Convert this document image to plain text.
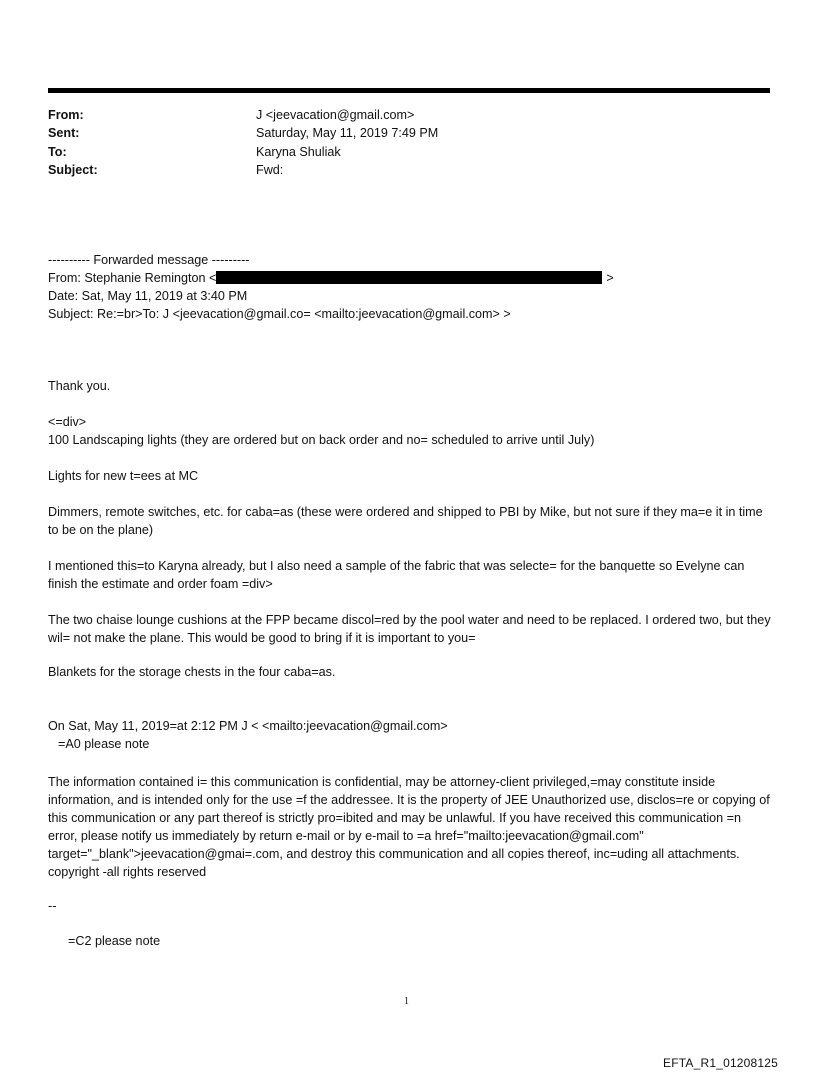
From:	J <jeevacation@gmail.com>
Sent:	Saturday, May 11, 2019 7:49 PM
To:	Karyna Shuliak
Subject:	Fwd:
---------- Forwarded message ---------
From: Stephanie Remington <	>
Date: Sat, May 11, 2019 at 3:40 PM
Subject: Re:=br>To: J <jeevacation@gmail.co= <mailto:jeevacation@gmail.com> >
Thank you.
<=div>
100 Landscaping lights (they are ordered but on back order and no= scheduled to arrive until July)
Lights for new t=ees at MC
Dimmers, remote switches, etc. for caba=as (these were ordered and shipped to PBI by Mike, but not sure if they ma=e it in time to be on the plane)
I mentioned this=to Karyna already, but I also need a sample of the fabric that was selecte= for the banquette so Evelyne can finish the estimate and order foam =div>
The two chaise lounge cushions at the FPP became discol=red by the pool water and need to be replaced. I ordered two, but they wil= not make the plane. This would be good to bring if it is important to you=
Blankets for the storage chests in the four caba=as.
On Sat, May 11, 2019=at 2:12 PM J < <mailto:jeevacation@gmail.com>
=A0 please note
The information contained i= this communication is confidential, may be attorney-client privileged,=may constitute inside information, and is intended only for the use =f the addressee. It is the property of JEE Unauthorized use, disclos=re or copying of this communication or any part thereof is strictly pro=ibited and may be unlawful. If you have received this communication =n error, please notify us immediately by return e-mail or by e-mail to =a href="mailto:jeevacation@gmail.com" target="_blank">jeevacation@gmai=.com, and destroy this communication and all copies thereof, inc=uding all attachments. copyright -all rights reserved
--
=C2 please note
1
EFTA_R1_01208125
